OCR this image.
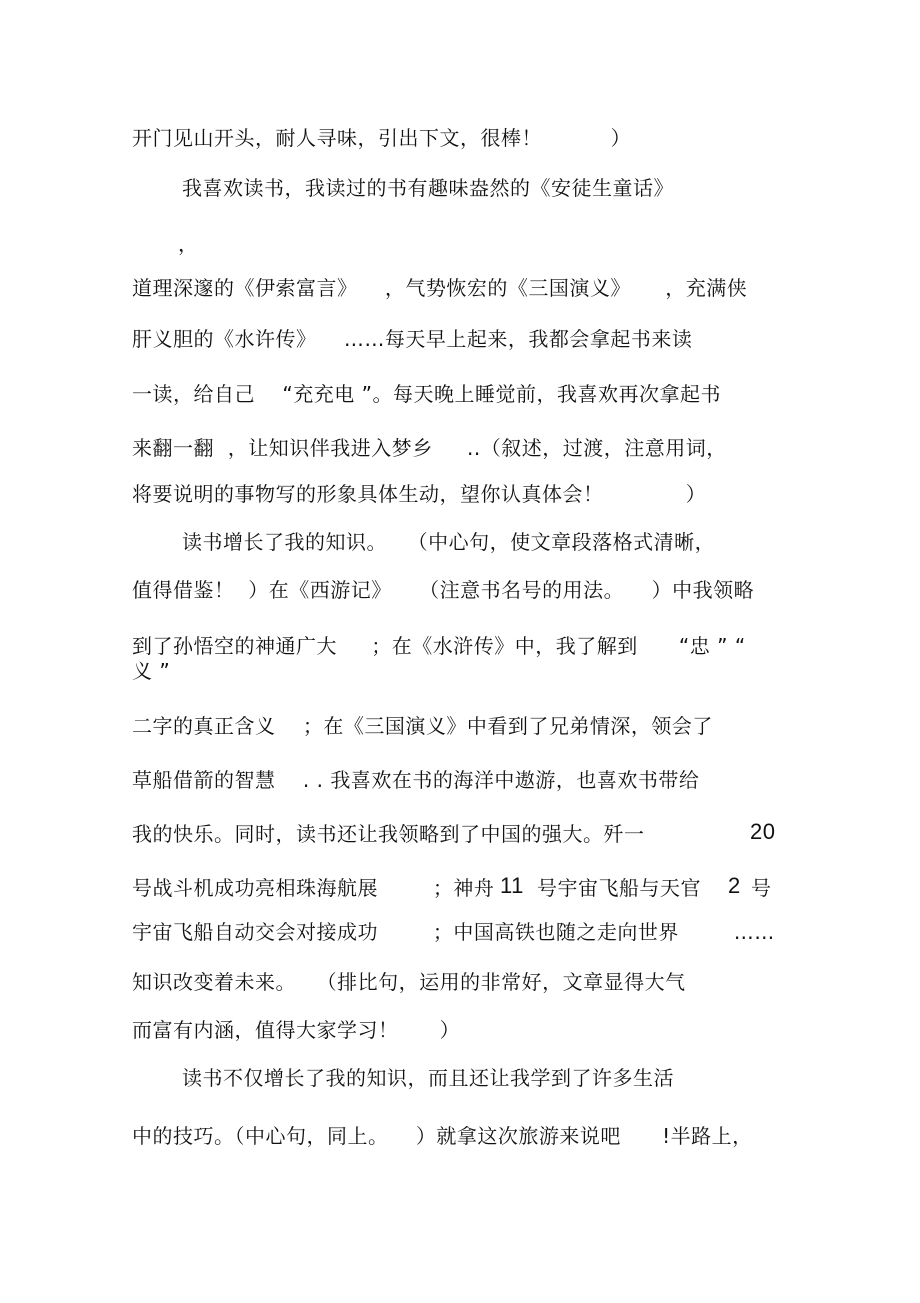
开门见山开头，耐人寻味，引出下文，很棒！          ）
我喜欢读书，我读过的书有趣味盎然的《安徒生童话》
，
道理深邃的《伊索富言》    ，气势恢宏的《三国演义》     ，充满侠
肝义胆的《水许传》    ……每天早上起来，我都会拿起书来读
一读，给自己    “充充电 ”。每天晚上睡觉前，我喜欢再次拿起书
来翻一翻  ，让知识伴我进入梦乡     ..（叙述，过渡，注意用词，
将要说明的事物写的形象具体生动，望你认真体会！            ）
读书增长了我的知识。   （中心句，使文章段落格式清晰，
值得借鉴！  ）在《西游记》    （注意书名号的用法。    ）中我领略
到了孙悟空的神通广大     ；在《水浒传》中，我了解到      “忠 ” “
义 ”
二字的真正含义    ；在《三国演义》中看到了兄弟情深，领会了
草船借箭的智慧    . . 我喜欢在书的海洋中遨游，也喜欢书带给
我的快乐。同时，读书还让我领略到了中国的强大。歼一	20
号战斗机成功亮相珠海航展        ；神舟 11 号宇宙飞船与天官 2 号
宇宙飞船自动交会对接成功        ；中国高铁也随之走向世界        ……
知识改变着未来。   （排比句，运用的非常好，文章显得大气
而富有内涵，值得大家学习！      ）
读书不仅增长了我的知识，而且还让我学到了许多生活
中的技巧。（中心句，同上。    ）就拿这次旅游来说吧      !半路上，
